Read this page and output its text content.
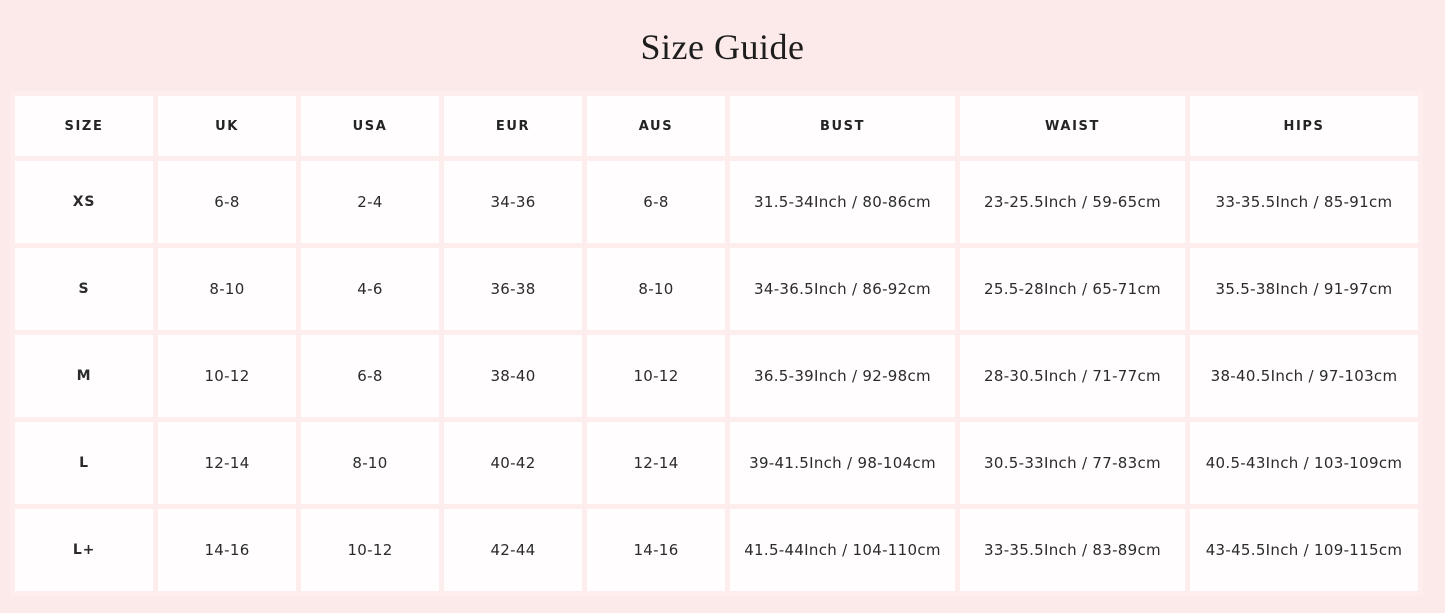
Size Guide
SIZE	UK	USA	EUR	AUS	BUST	WAIST	HIPS
XS	6-8	2-4	34-36	6-8	31.5-34Inch / 80-86cm	23-25.5Inch / 59-65cm	33-35.5Inch / 85-91cm
S	8-10	4-6	36-38	8-10	34-36.5Inch / 86-92cm	25.5-28Inch / 65-71cm	35.5-38Inch / 91-97cm
M	10-12	6-8	38-40	10-12	36.5-39Inch / 92-98cm	28-30.5Inch / 71-77cm	38-40.5Inch / 97-103cm
L	12-14	8-10	40-42	12-14	39-41.5Inch / 98-104cm	30.5-33Inch / 77-83cm	40.5-43Inch / 103-109cm
L+	14-16	10-12	42-44	14-16	41.5-44Inch / 104-110cm	33-35.5Inch / 83-89cm	43-45.5Inch / 109-115cm
